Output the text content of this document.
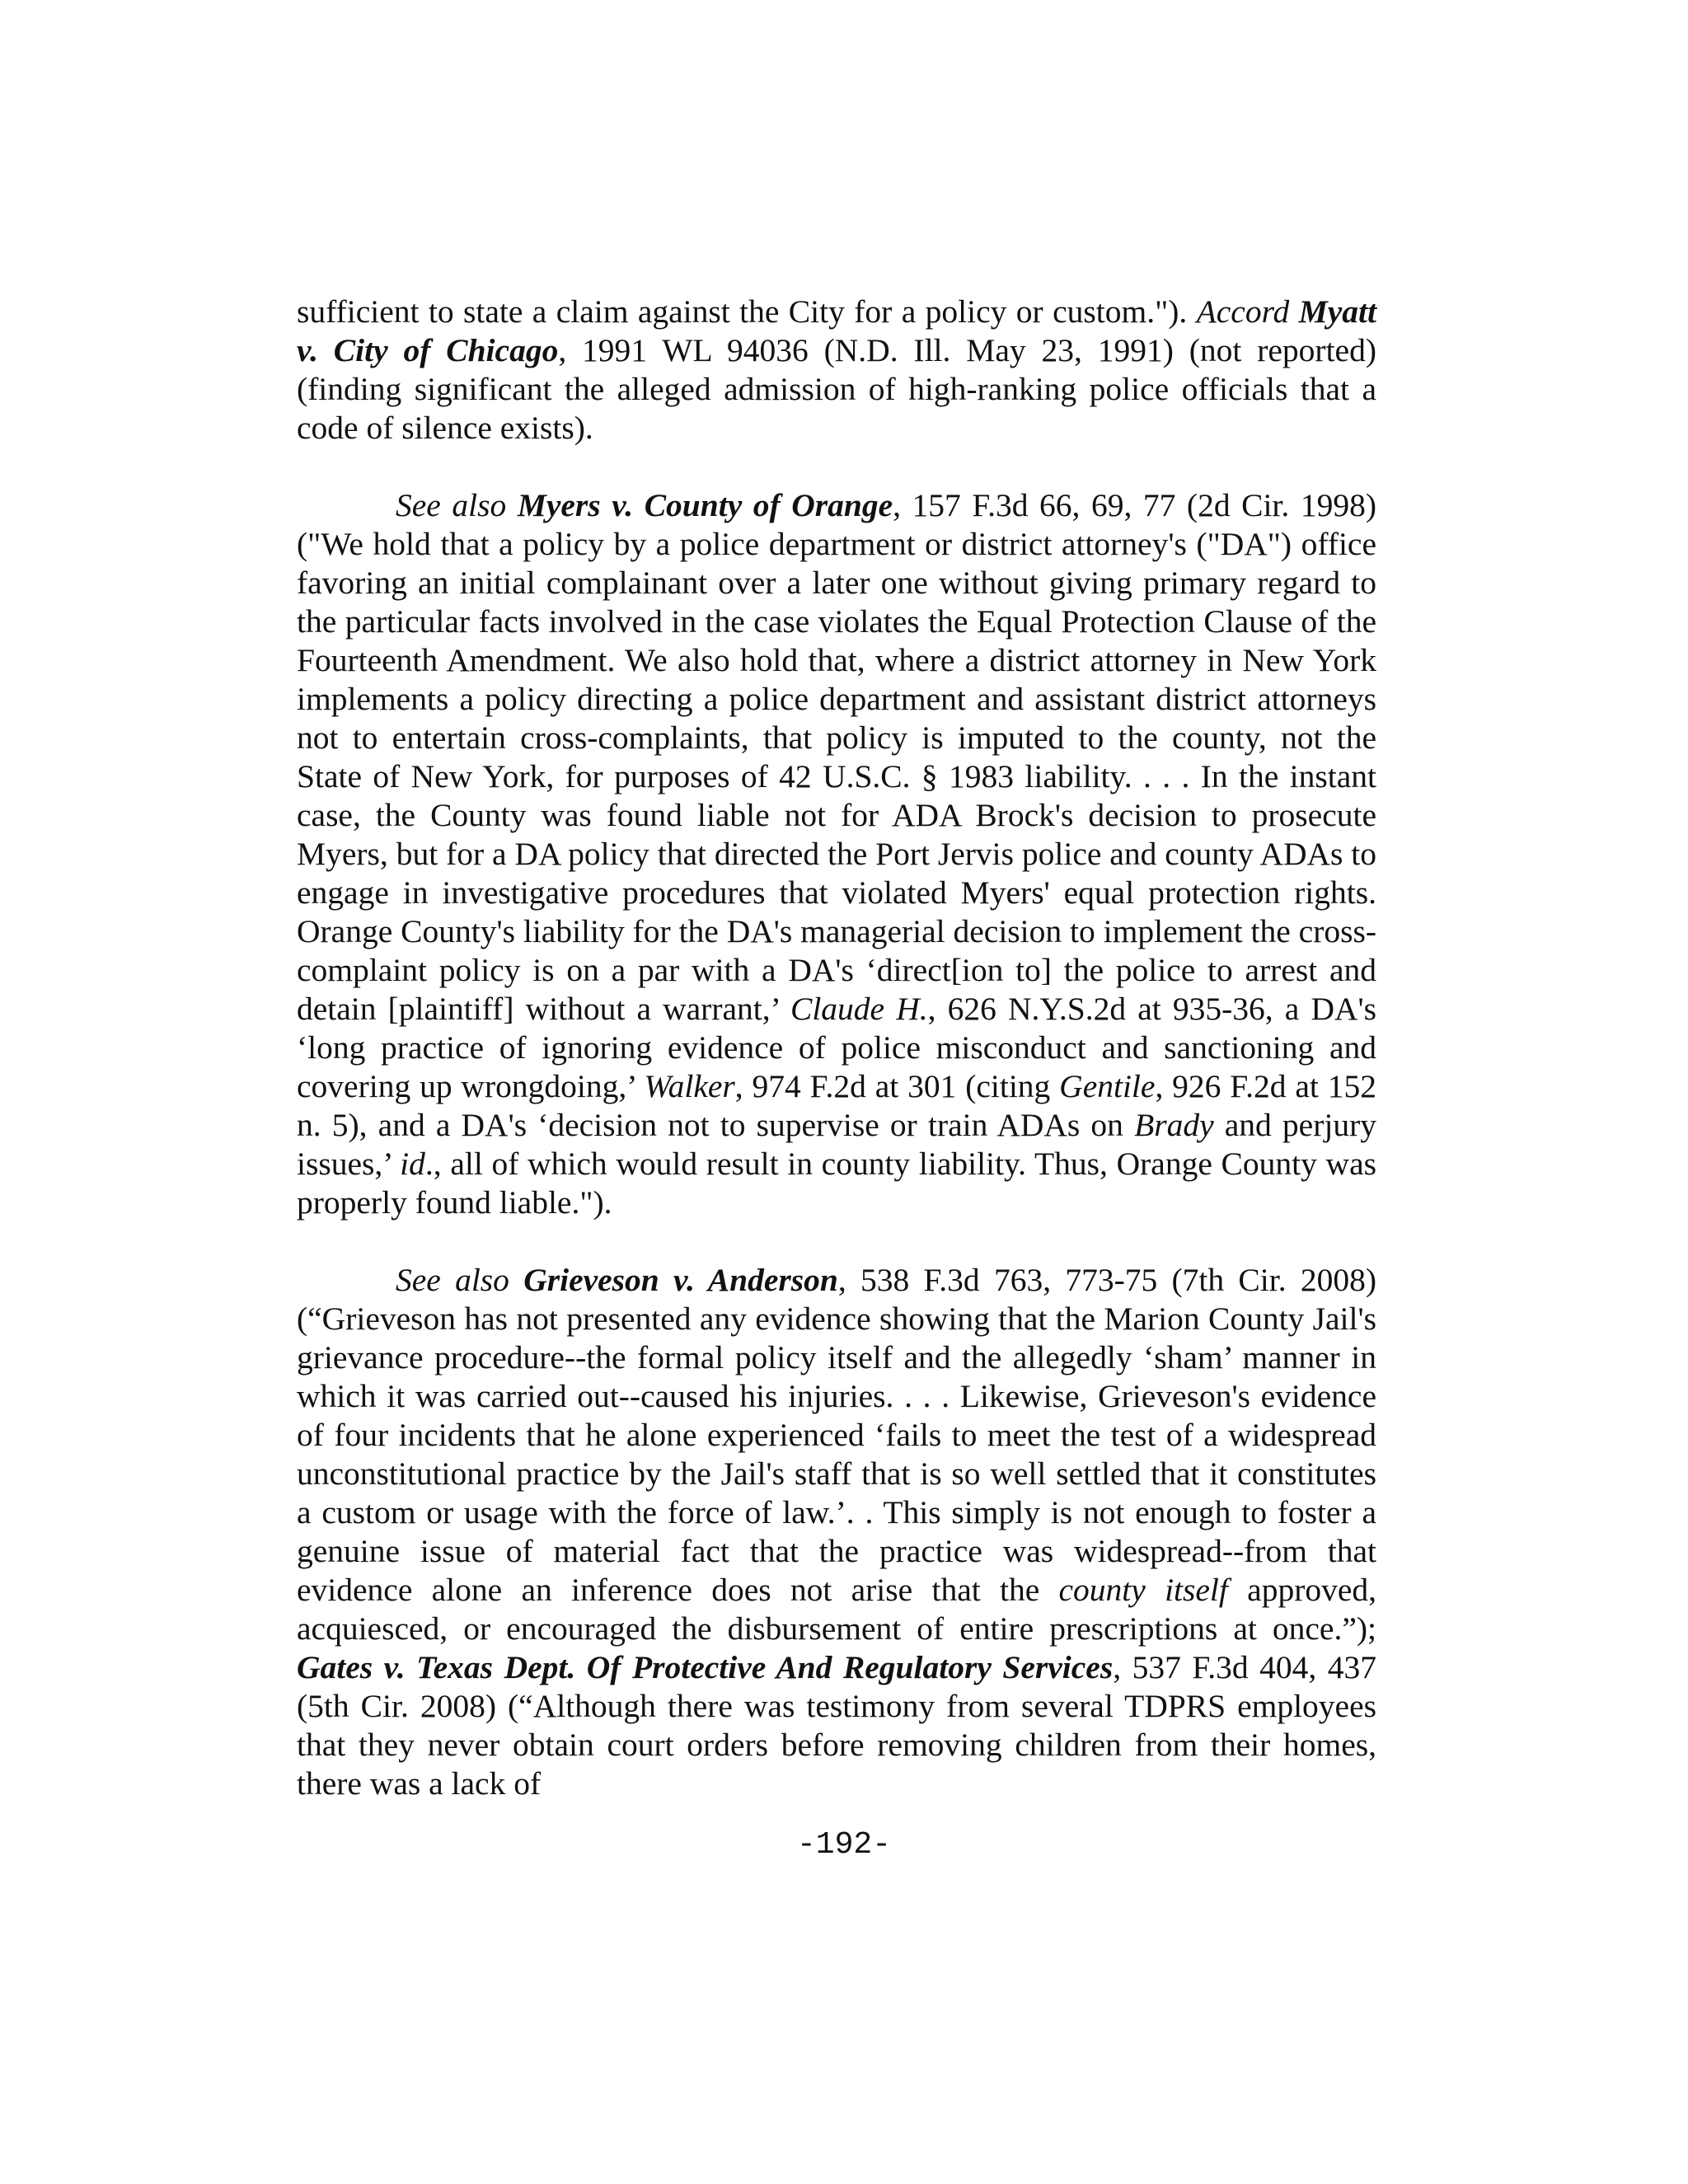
sufficient to state a claim against the City for a policy or custom."). Accord Myatt v. City of Chicago, 1991 WL 94036 (N.D. Ill. May 23, 1991) (not reported) (finding significant the alleged admission of high-ranking police officials that a code of silence exists).

See also Myers v. County of Orange, 157 F.3d 66, 69, 77 (2d Cir. 1998) ("We hold that a policy by a police department or district attorney's ("DA") office favoring an initial complainant over a later one without giving primary regard to the particular facts involved in the case violates the Equal Protection Clause of the Fourteenth Amendment. We also hold that, where a district attorney in New York implements a policy directing a police department and assistant district attorneys not to entertain cross-complaints, that policy is imputed to the county, not the State of New York, for purposes of 42 U.S.C. § 1983 liability. . . . In the instant case, the County was found liable not for ADA Brock's decision to prosecute Myers, but for a DA policy that directed the Port Jervis police and county ADAs to engage in investigative procedures that violated Myers' equal protection rights. Orange County's liability for the DA's managerial decision to implement the cross-complaint policy is on a par with a DA's ‘direct[ion to] the police to arrest and detain [plaintiff] without a warrant,’ Claude H., 626 N.Y.S.2d at 935-36, a DA's ‘long practice of ignoring evidence of police misconduct and sanctioning and covering up wrongdoing,’ Walker, 974 F.2d at 301 (citing Gentile, 926 F.2d at 152 n. 5), and a DA's ‘decision not to supervise or train ADAs on Brady and perjury issues,’ id., all of which would result in county liability. Thus, Orange County was properly found liable.").

See also Grieveson v. Anderson, 538 F.3d 763, 773-75 (7th Cir. 2008) (“Grieveson has not presented any evidence showing that the Marion County Jail's grievance procedure--the formal policy itself and the allegedly ‘sham’ manner in which it was carried out--caused his injuries. . . . Likewise, Grieveson's evidence of four incidents that he alone experienced ‘fails to meet the test of a widespread unconstitutional practice by the Jail's staff that is so well settled that it constitutes a custom or usage with the force of law.’. . This simply is not enough to foster a genuine issue of material fact that the practice was widespread--from that evidence alone an inference does not arise that the county itself approved, acquiesced, or encouraged the disbursement of entire prescriptions at once.”); Gates v. Texas Dept. Of Protective And Regulatory Services, 537 F.3d 404, 437 (5th Cir. 2008) (“Although there was testimony from several TDPRS employees that they never obtain court orders before removing children from their homes, there was a lack of

-192-
